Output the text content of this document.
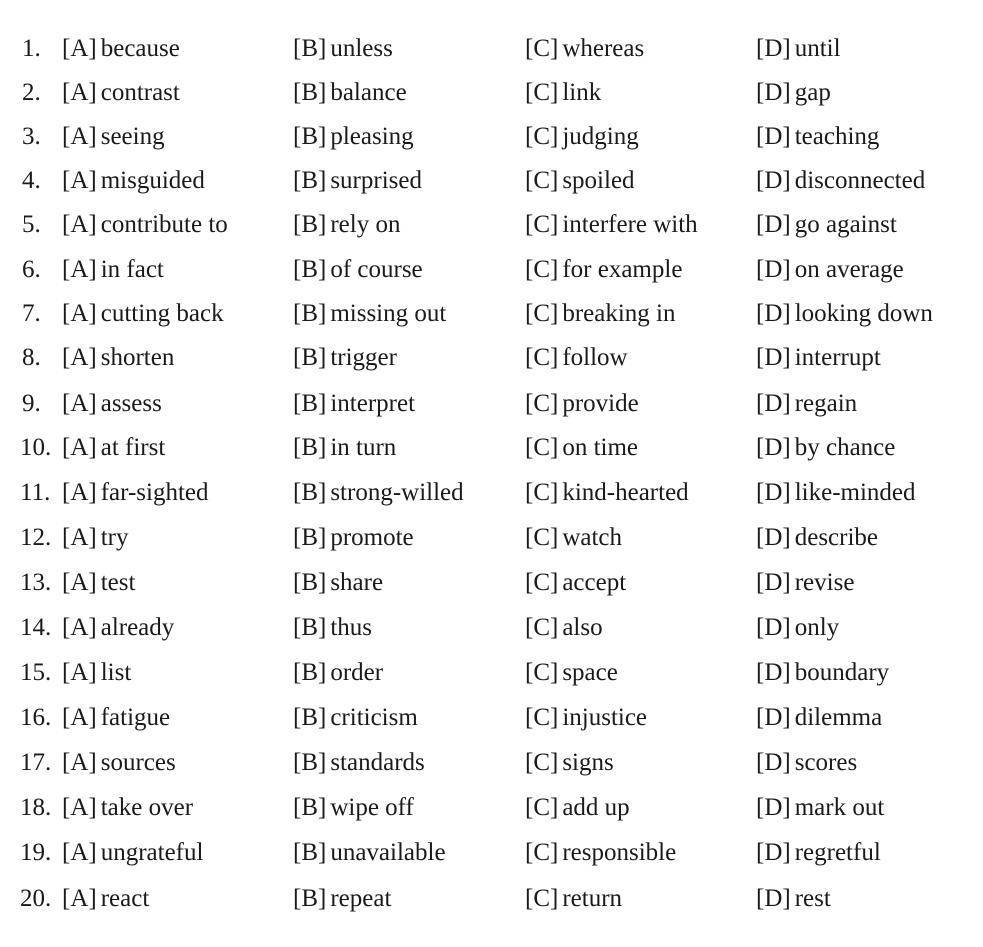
1. [A] because	[B] unless	[C] whereas	[D] until
2. [A] contrast	[B] balance	[C] link	[D] gap
3. [A] seeing	[B] pleasing	[C] judging	[D] teaching
4. [A] misguided	[B] surprised	[C] spoiled	[D] disconnected
5. [A] contribute to	[B] rely on	[C] interfere with [D] go against
6. [A] in fact	[B] of course	[C] for example	[D] on average
7. [A] cutting back	[B] missing out	[C] breaking in	[D] looking down
8. [A] shorten	[B] trigger	[C] follow	[D] interrupt
9. [A] assess	[B] interpret	[C] provide	[D] regain
10. [A] at first	[B] in turn	[C] on time	[D] by chance
11. [A] far-sighted	[B] strong-willed [C] kind-hearted	[D] like-minded
12. [A] try	[B] promote	[C] watch	[D] describe
13. [A] test	[B] share	[C] accept	[D] revise
14. [A] already	[B] thus	[C] also	[D] only
15. [A] list	[B] order	[C] space	[D] boundary
16. [A] fatigue	[B] criticism	[C] injustice	[D] dilemma
17. [A] sources	[B] standards	[C] signs	[D] scores
18. [A] take over	[B] wipe off	[C] add up	[D] mark out
19. [A] ungrateful	[B] unavailable	[C] responsible	[D] regretful
20. [A] react	[B] repeat	[C] return	[D] rest
